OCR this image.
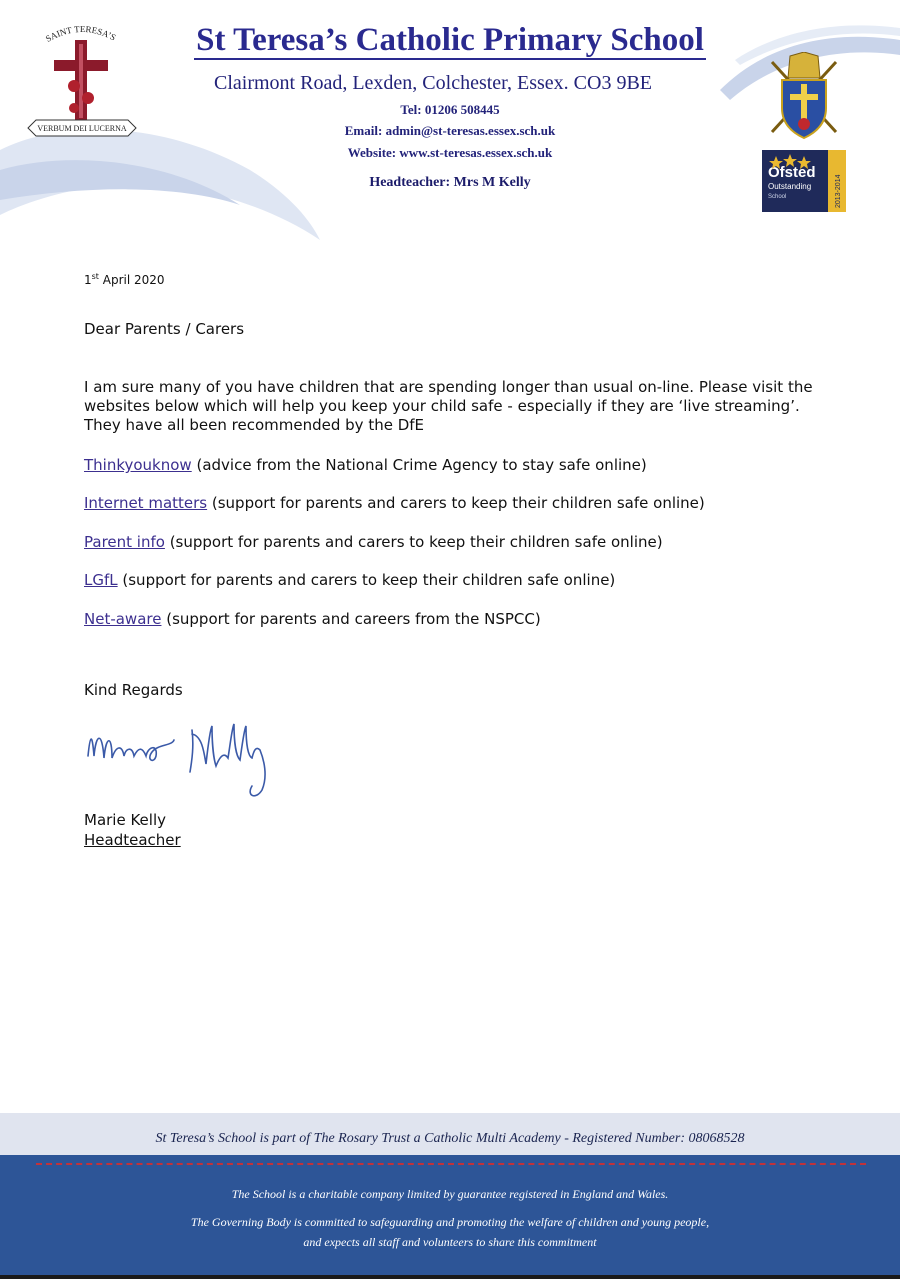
SAINT TERESA’S
VERBUM DEI LUCERNA
St Teresa’s Catholic Primary School
Clairmont Road, Lexden, Colchester, Essex. CO3 9BE
Tel: 01206 508445
Email: admin@st-teresas.essex.sch.uk
Website: www.st-teresas.essex.sch.uk
Headteacher: Mrs M Kelly
Ofsted
Outstanding
School	2013-2014
1st April 2020
Dear Parents / Carers
I am sure many of you have children that are spending longer than usual on-line. Please visit the websites below which will help you keep your child safe - especially if they are ‘live streaming’. They have all been recommended by the DfE
Thinkyouknow (advice from the National Crime Agency to stay safe online)
Internet matters (support for parents and carers to keep their children safe online)
Parent info (support for parents and carers to keep their children safe online)
LGfL (support for parents and carers to keep their children safe online)
Net-aware (support for parents and careers from the NSPCC)
Kind Regards
Marie Kelly
Headteacher
St Teresa’s School is part of The Rosary Trust a Catholic Multi Academy - Registered Number: 08068528
The School is a charitable company limited by guarantee registered in England and Wales.
The Governing Body is committed to safeguarding and promoting the welfare of children and young people,
and expects all staff and volunteers to share this commitment
